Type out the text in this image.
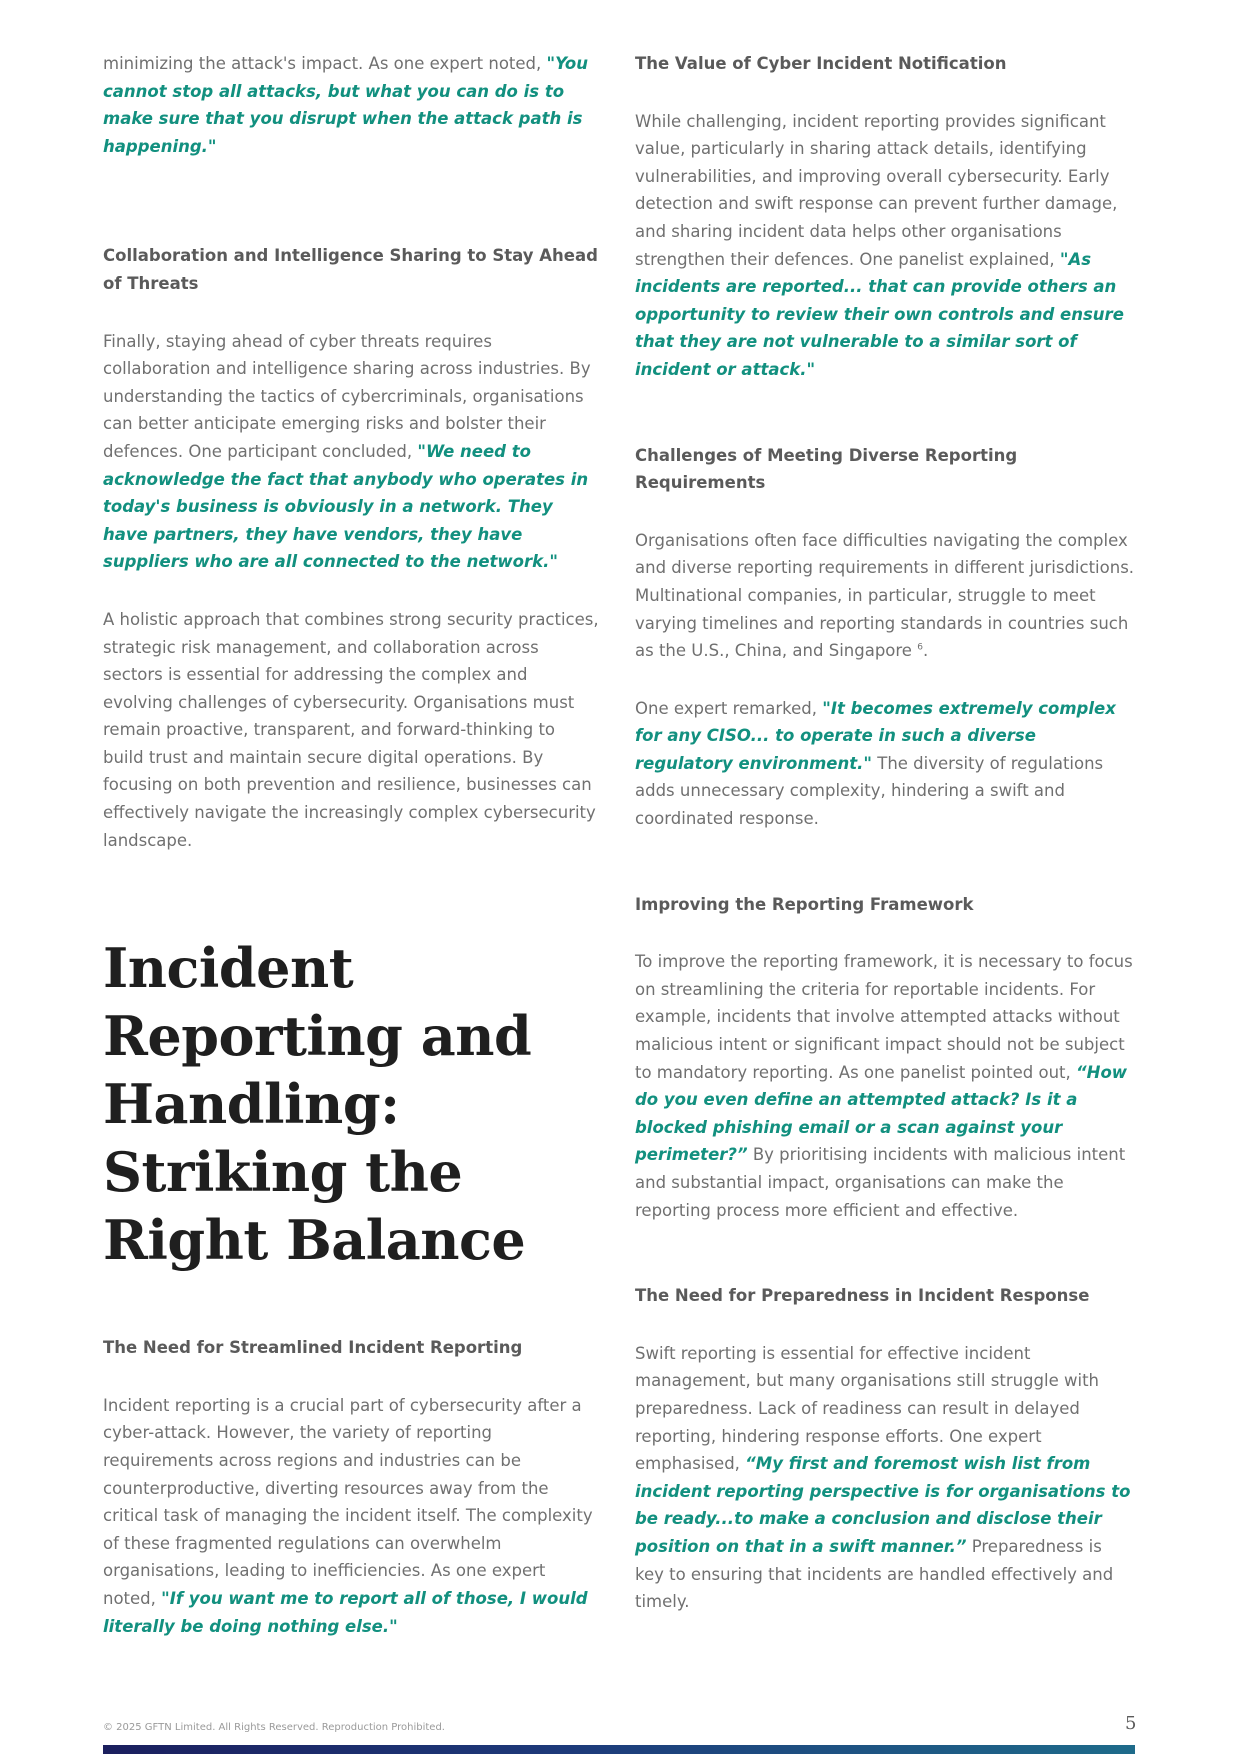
minimizing the attack's impact. As one expert noted, "You cannot stop all attacks, but what you can do is to make sure that you disrupt when the attack path is happening."

Collaboration and Intelligence Sharing to Stay Ahead of Threats

Finally, staying ahead of cyber threats requires collaboration and intelligence sharing across industries. By understanding the tactics of cybercriminals, organisations can better anticipate emerging risks and bolster their defences. One participant concluded, "We need to acknowledge the fact that anybody who operates in today's business is obviously in a network. They have partners, they have vendors, they have suppliers who are all connected to the network."

A holistic approach that combines strong security practices, strategic risk management, and collaboration across sectors is essential for addressing the complex and evolving challenges of cybersecurity. Organisations must remain proactive, transparent, and forward-thinking to build trust and maintain secure digital operations. By focusing on both prevention and resilience, businesses can effectively navigate the increasingly complex cybersecurity landscape.

Incident Reporting and Handling: Striking the Right Balance
The Need for Streamlined Incident Reporting

Incident reporting is a crucial part of cybersecurity after a cyber-attack. However, the variety of reporting requirements across regions and industries can be counterproductive, diverting resources away from the critical task of managing the incident itself. The complexity of these fragmented regulations can overwhelm organisations, leading to inefficiencies. As one expert noted, "If you want me to report all of those, I would literally be doing nothing else."

The Value of Cyber Incident Notification

While challenging, incident reporting provides significant value, particularly in sharing attack details, identifying vulnerabilities, and improving overall cybersecurity. Early detection and swift response can prevent further damage, and sharing incident data helps other organisations strengthen their defences. One panelist explained, "As incidents are reported... that can provide others an opportunity to review their own controls and ensure that they are not vulnerable to a similar sort of incident or attack."

Challenges of Meeting Diverse Reporting Requirements

Organisations often face difficulties navigating the complex and diverse reporting requirements in different jurisdictions. Multinational companies, in particular, struggle to meet varying timelines and reporting standards in countries such as the U.S., China, and Singapore $^6$.

One expert remarked, "It becomes extremely complex for any CISO... to operate in such a diverse regulatory environment." The diversity of regulations adds unnecessary complexity, hindering a swift and coordinated response.

Improving the Reporting Framework

To improve the reporting framework, it is necessary to focus on streamlining the criteria for reportable incidents. For example, incidents that involve attempted attacks without malicious intent or significant impact should not be subject to mandatory reporting. As one panelist pointed out, “How do you even define an attempted attack? Is it a blocked phishing email or a scan against your perimeter?” By prioritising incidents with malicious intent and substantial impact, organisations can make the reporting process more efficient and effective.

The Need for Preparedness in Incident Response

Swift reporting is essential for effective incident management, but many organisations still struggle with preparedness. Lack of readiness can result in delayed reporting, hindering response efforts. One expert emphasised, “My first and foremost wish list from incident reporting perspective is for organisations to be ready...to make a conclusion and disclose their position on that in a swift manner.” Preparedness is key to ensuring that incidents are handled effectively and timely.

© 2025 GFTN Limited. All Rights Reserved. Reproduction Prohibited.	5
